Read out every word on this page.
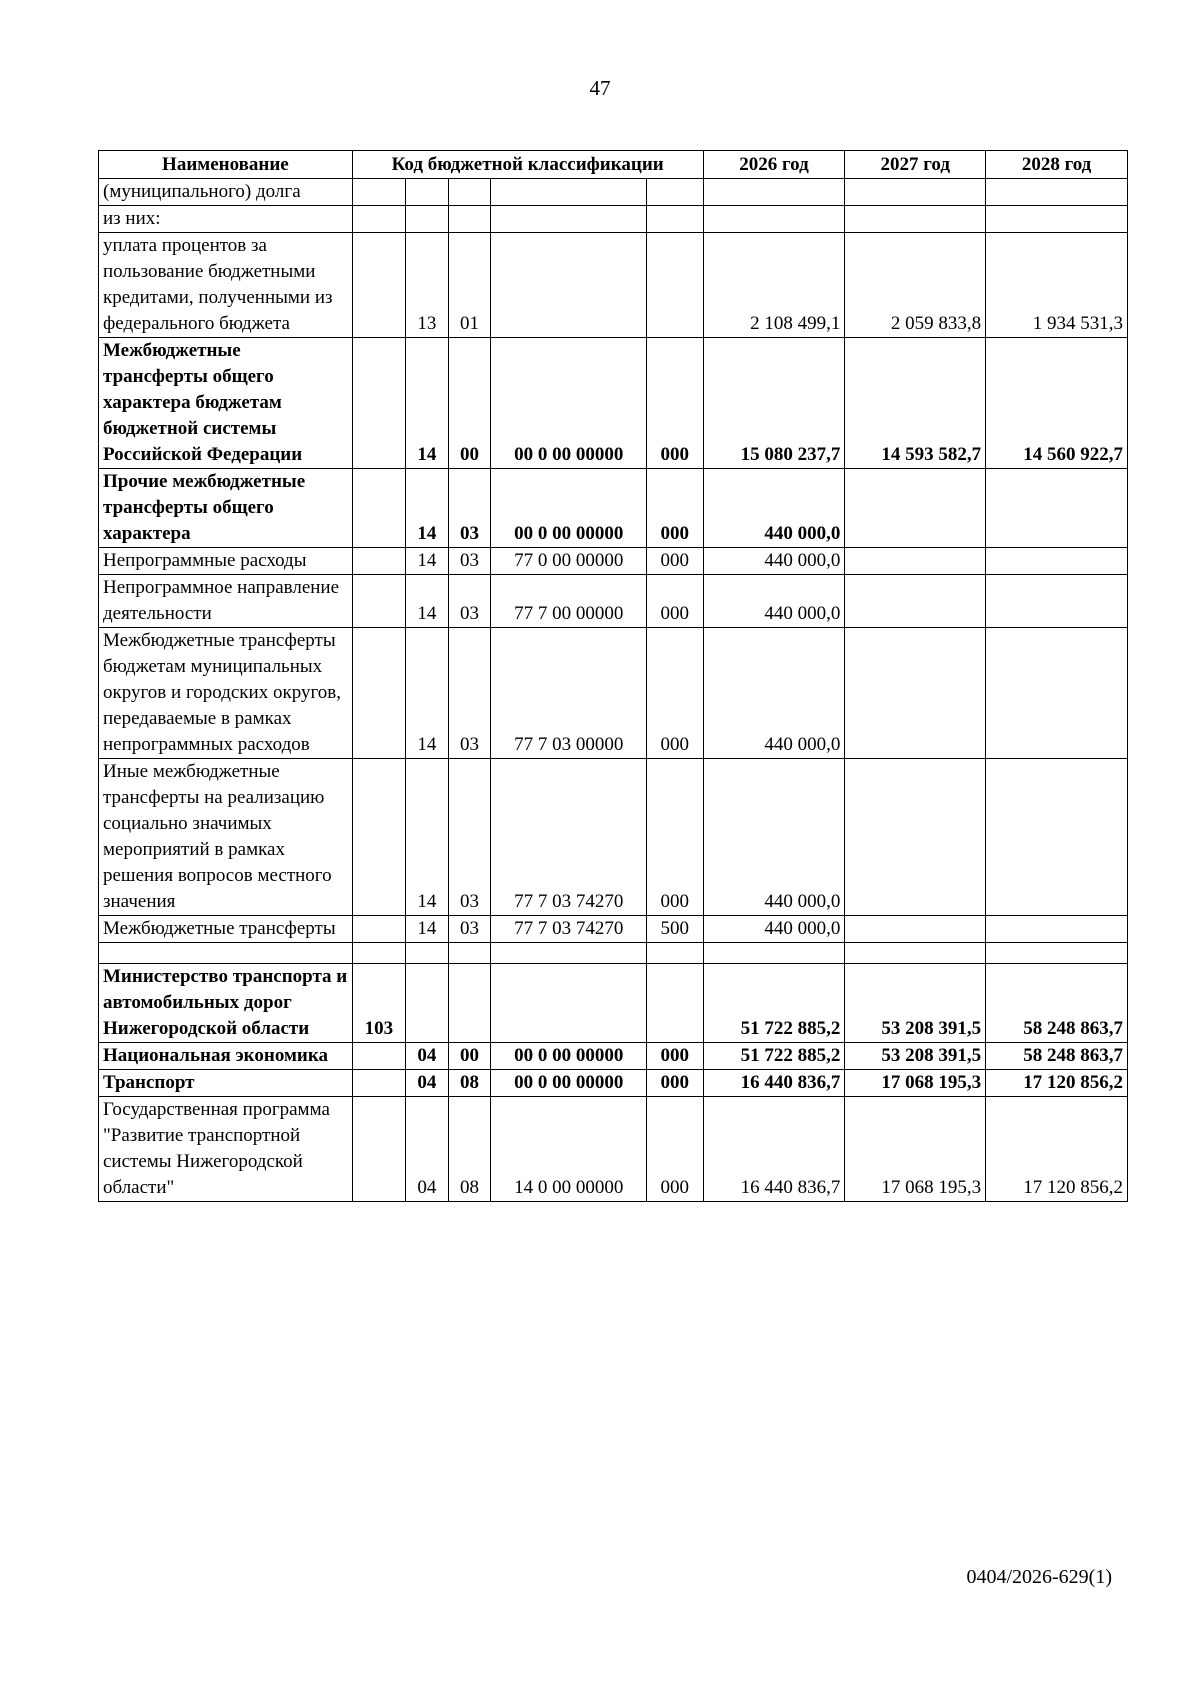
47
Наименование	Код бюджетной классификации					2026 год	2027 год	2028 год
(муниципального) долга								
из них:								
уплата процентов за пользование бюджетными кредитами, полученными из федерального бюджета		13	01			2 108 499,1	2 059 833,8	1 934 531,3
Межбюджетные трансферты общего характера бюджетам бюджетной системы Российской Федерации		14	00	00 0 00 00000	000	15 080 237,7	14 593 582,7	14 560 922,7
Прочие межбюджетные трансферты общего характера		14	03	00 0 00 00000	000	440 000,0		
Непрограммные расходы		14	03	77 0 00 00000	000	440 000,0		
Непрограммное направление деятельности		14	03	77 7 00 00000	000	440 000,0		
Межбюджетные трансферты бюджетам муниципальных округов и городских округов, передаваемые в рамках непрограммных расходов		14	03	77 7 03 00000	000	440 000,0		
Иные межбюджетные трансферты на реализацию социально значимых мероприятий в рамках решения вопросов местного значения		14	03	77 7 03 74270	000	440 000,0		
Межбюджетные трансферты		14	03	77 7 03 74270	500	440 000,0		

Министерство транспорта и автомобильных дорог Нижегородской области	103					51 722 885,2	53 208 391,5	58 248 863,7
Национальная экономика		04	00	00 0 00 00000	000	51 722 885,2	53 208 391,5	58 248 863,7
Транспорт		04	08	00 0 00 00000	000	16 440 836,7	17 068 195,3	17 120 856,2
Государственная программа "Развитие транспортной системы Нижегородской области"		04	08	14 0 00 00000	000	16 440 836,7	17 068 195,3	17 120 856,2
0404/2026-629(1)
